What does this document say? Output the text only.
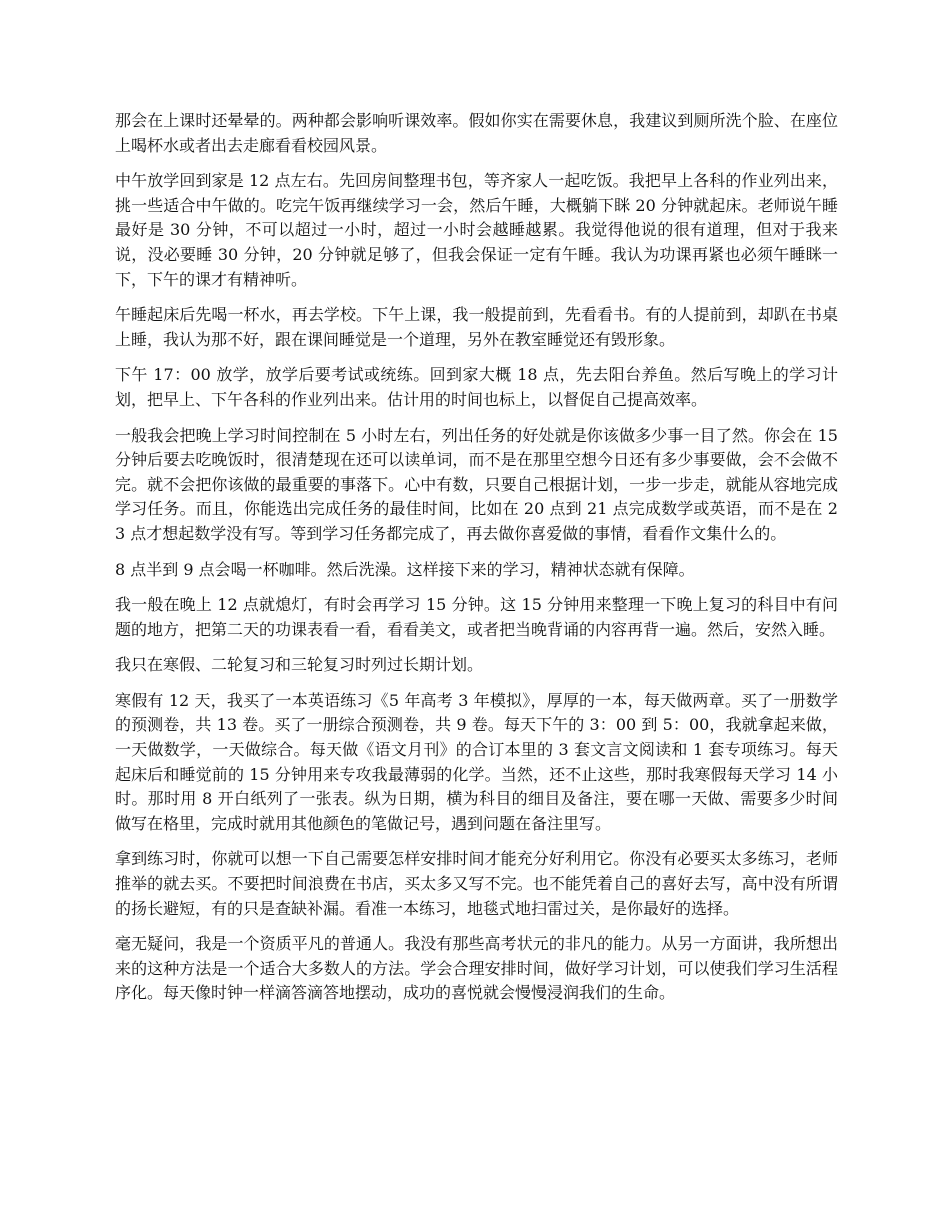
那会在上课时还晕晕的。两种都会影响听课效率。假如你实在需要休息，我建议到厕所洗个脸、在座位上喝杯水或者出去走廊看看校园风景。

中午放学回到家是 12 点左右。先回房间整理书包，等齐家人一起吃饭。我把早上各科的作业列出来，挑一些适合中午做的。吃完午饭再继续学习一会，然后午睡，大概躺下眯 20 分钟就起床。老师说午睡最好是 30 分钟，不可以超过一小时，超过一小时会越睡越累。我觉得他说的很有道理，但对于我来说，没必要睡 30 分钟，20 分钟就足够了，但我会保证一定有午睡。我认为功课再紧也必须午睡眯一下，下午的课才有精神听。

午睡起床后先喝一杯水，再去学校。下午上课，我一般提前到，先看看书。有的人提前到，却趴在书桌上睡，我认为那不好，跟在课间睡觉是一个道理，另外在教室睡觉还有毁形象。

下午 17：00 放学，放学后要考试或统练。回到家大概 18 点，先去阳台养鱼。然后写晚上的学习计划，把早上、下午各科的作业列出来。估计用的时间也标上，以督促自己提高效率。

一般我会把晚上学习时间控制在 5 小时左右，列出任务的好处就是你该做多少事一目了然。你会在 15 分钟后要去吃晚饭时，很清楚现在还可以读单词，而不是在那里空想今日还有多少事要做，会不会做不完。就不会把你该做的最重要的事落下。心中有数，只要自己根据计划，一步一步走，就能从容地完成学习任务。而且，你能选出完成任务的最佳时间，比如在 20 点到 21 点完成数学或英语，而不是在 23 点才想起数学没有写。等到学习任务都完成了，再去做你喜爱做的事情，看看作文集什么的。

8 点半到 9 点会喝一杯咖啡。然后洗澡。这样接下来的学习，精神状态就有保障。

我一般在晚上 12 点就熄灯，有时会再学习 15 分钟。这 15 分钟用来整理一下晚上复习的科目中有问题的地方，把第二天的功课表看一看，看看美文，或者把当晚背诵的内容再背一遍。然后，安然入睡。

我只在寒假、二轮复习和三轮复习时列过长期计划。

寒假有 12 天，我买了一本英语练习《5 年高考 3 年模拟》，厚厚的一本，每天做两章。买了一册数学的预测卷，共 13 卷。买了一册综合预测卷，共 9 卷。每天下午的 3：00 到 5：00，我就拿起来做，一天做数学，一天做综合。每天做《语文月刊》的合订本里的 3 套文言文阅读和 1 套专项练习。每天起床后和睡觉前的 15 分钟用来专攻我最薄弱的化学。当然，还不止这些，那时我寒假每天学习 14 小时。那时用 8 开白纸列了一张表。纵为日期，横为科目的细目及备注，要在哪一天做、需要多少时间做写在格里，完成时就用其他颜色的笔做记号，遇到问题在备注里写。

拿到练习时，你就可以想一下自己需要怎样安排时间才能充分好利用它。你没有必要买太多练习，老师推举的就去买。不要把时间浪费在书店，买太多又写不完。也不能凭着自己的喜好去写，高中没有所谓的扬长避短，有的只是查缺补漏。看准一本练习，地毯式地扫雷过关，是你最好的选择。

毫无疑问，我是一个资质平凡的普通人。我没有那些高考状元的非凡的能力。从另一方面讲，我所想出来的这种方法是一个适合大多数人的方法。学会合理安排时间，做好学习计划，可以使我们学习生活程序化。每天像时钟一样滴答滴答地摆动，成功的喜悦就会慢慢浸润我们的生命。
